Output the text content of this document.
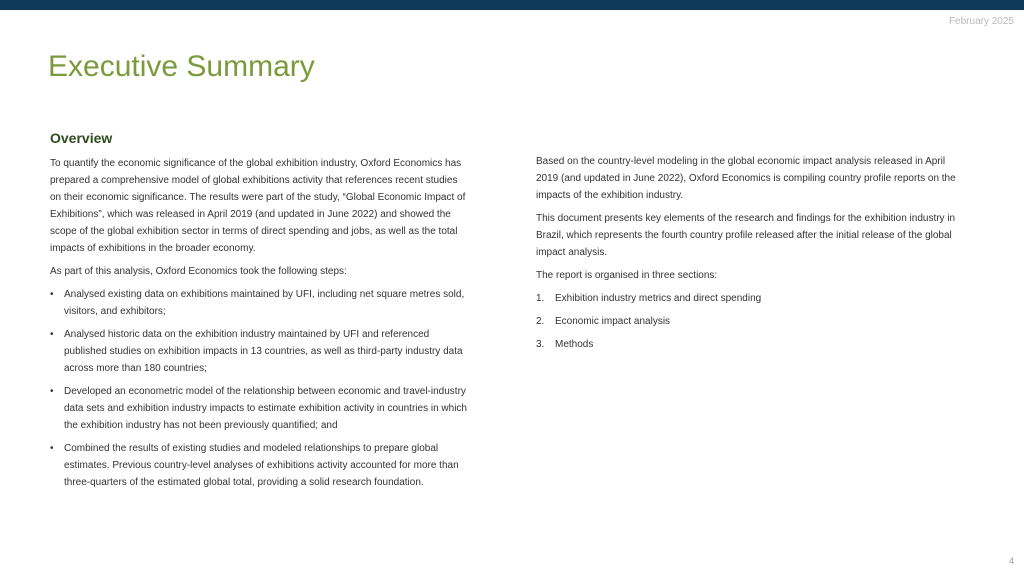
February 2025
Executive Summary
Overview

To quantify the economic significance of the global exhibition industry, Oxford Economics has prepared a comprehensive model of global exhibitions activity that references recent studies on their economic significance. The results were part of the study, “Global Economic Impact of Exhibitions”, which was released in April 2019 (and updated in June 2022) and showed the scope of the global exhibition sector in terms of direct spending and jobs, as well as the total impacts of exhibitions in the broader economy.

As part of this analysis, Oxford Economics took the following steps:

• Analysed existing data on exhibitions maintained by UFI, including net square metres sold, visitors, and exhibitors;
• Analysed historic data on the exhibition industry maintained by UFI and referenced published studies on exhibition impacts in 13 countries, as well as third-party industry data across more than 180 countries;
• Developed an econometric model of the relationship between economic and travel-industry data sets and exhibition industry impacts to estimate exhibition activity in countries in which the exhibition industry has not been previously quantified; and
• Combined the results of existing studies and modeled relationships to prepare global estimates. Previous country-level analyses of exhibitions activity accounted for more than three-quarters of the estimated global total, providing a solid research foundation.

Based on the country-level modeling in the global economic impact analysis released in April 2019 (and updated in June 2022), Oxford Economics is compiling country profile reports on the impacts of the exhibition industry.

This document presents key elements of the research and findings for the exhibition industry in Brazil, which represents the fourth country profile released after the initial release of the global impact analysis.

The report is organised in three sections:

1. Exhibition industry metrics and direct spending
2. Economic impact analysis
3. Methods
4
